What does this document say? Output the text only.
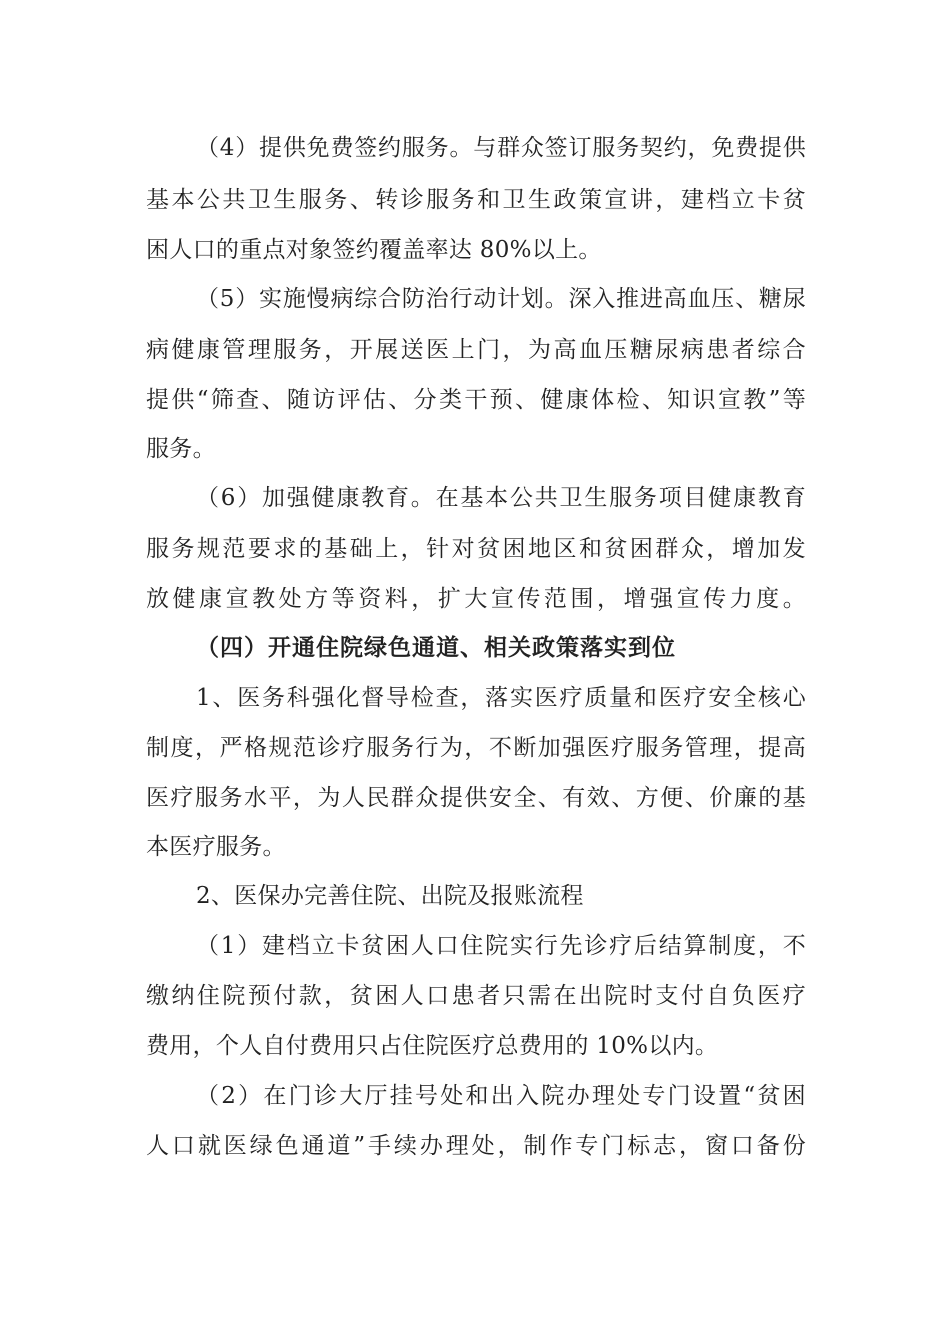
（4）提供免费签约服务。与群众签订服务契约，免费提供
基本公共卫生服务、转诊服务和卫生政策宣讲，建档立卡贫
困人口的重点对象签约覆盖率达 80%以上。
（5）实施慢病综合防治行动计划。深入推进高血压、糖尿
病健康管理服务，开展送医上门，为高血压糖尿病患者综合
提供“筛查、随访评估、分类干预、健康体检、知识宣教”等
服务。
（6）加强健康教育。在基本公共卫生服务项目健康教育
服务规范要求的基础上，针对贫困地区和贫困群众，增加发
放健康宣教处方等资料，扩大宣传范围，增强宣传力度。
（四）开通住院绿色通道、相关政策落实到位
1、医务科强化督导检查，落实医疗质量和医疗安全核心
制度，严格规范诊疗服务行为，不断加强医疗服务管理，提高
医疗服务水平，为人民群众提供安全、有效、方便、价廉的基
本医疗服务。
2、医保办完善住院、出院及报账流程
（1）建档立卡贫困人口住院实行先诊疗后结算制度，不
缴纳住院预付款，贫困人口患者只需在出院时支付自负医疗
费用，个人自付费用只占住院医疗总费用的 10%以内。
（2）在门诊大厅挂号处和出入院办理处专门设置“贫困
人口就医绿色通道”手续办理处，制作专门标志，窗口备份
